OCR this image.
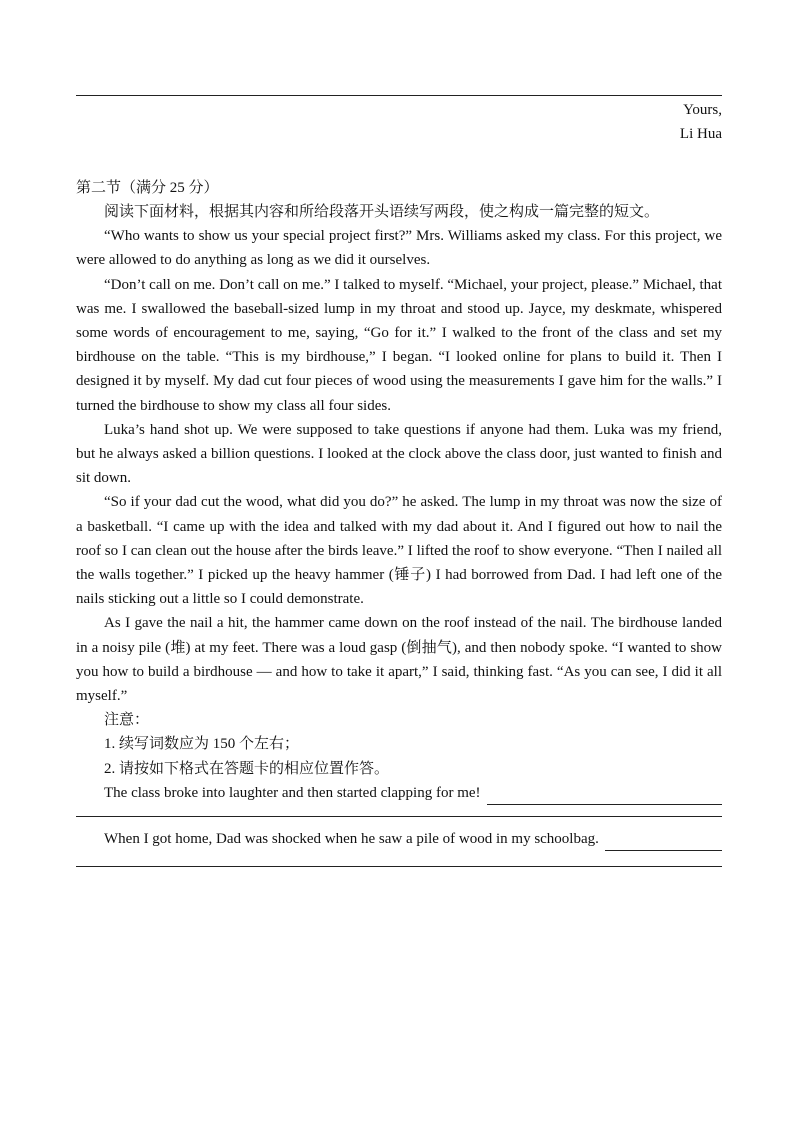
Yours,
Li Hua
第二节（满分 25 分）

阅读下面材料，根据其内容和所给段落开头语续写两段，使之构成一篇完整的短文。

“Who wants to show us your special project first?” Mrs. Williams asked my class. For this project, we were allowed to do anything as long as we did it ourselves.

“Don’t call on me. Don’t call on me.” I talked to myself. “Michael, your project, please.” Michael, that was me. I swallowed the baseball-sized lump in my throat and stood up. Jayce, my deskmate, whispered some words of encouragement to me, saying, “Go for it.” I walked to the front of the class and set my birdhouse on the table. “This is my birdhouse,” I began. “I looked online for plans to build it. Then I designed it by myself. My dad cut four pieces of wood using the measurements I gave him for the walls.” I turned the birdhouse to show my class all four sides.

Luka’s hand shot up. We were supposed to take questions if anyone had them. Luka was my friend, but he always asked a billion questions. I looked at the clock above the class door, just wanted to finish and sit down.

“So if your dad cut the wood, what did you do?” he asked. The lump in my throat was now the size of a basketball. “I came up with the idea and talked with my dad about it. And I figured out how to nail the roof so I can clean out the house after the birds leave.” I lifted the roof to show everyone. “Then I nailed all the walls together.” I picked up the heavy hammer (锤子) I had borrowed from Dad. I had left one of the nails sticking out a little so I could demonstrate.

As I gave the nail a hit, the hammer came down on the roof instead of the nail. The birdhouse landed in a noisy pile (堆) at my feet. There was a loud gasp (倒抽气), and then nobody spoke. “I wanted to show you how to build a birdhouse — and how to take it apart,” I said, thinking fast. “As you can see, I did it all myself.”

注意：
1. 续写词数应为 150 个左右；
2. 请按如下格式在答题卡的相应位置作答。
The class broke into laughter and then started clapping for me!
When I got home, Dad was shocked when he saw a pile of wood in my schoolbag.
